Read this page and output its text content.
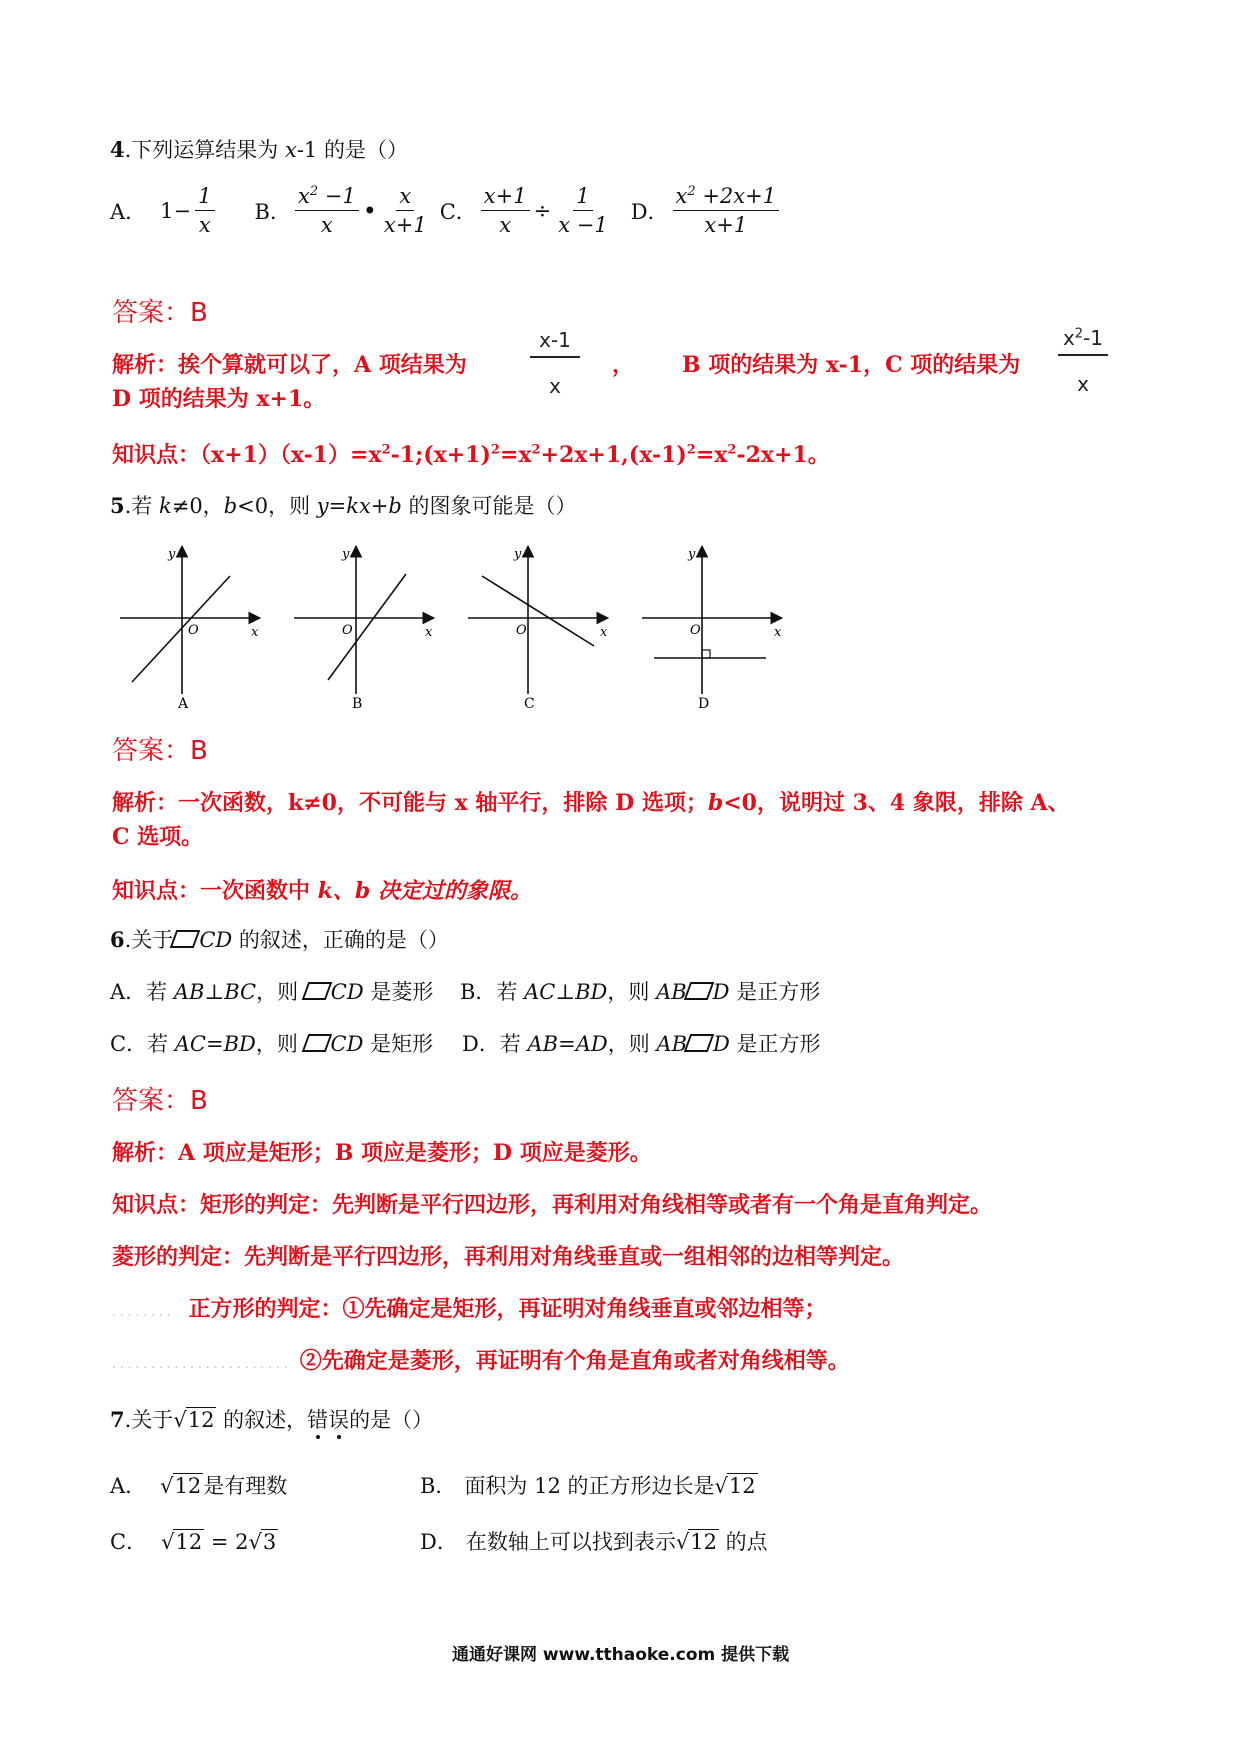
4.下列运算结果为 x-1 的是（）
A． $1 - \frac{1}{x}$ B． $\frac{x^2 -1}{x}$ • $\frac{x}{x+1}$ C． $\frac{x+1}{x} \div \frac{1}{x -1}$ D． $\frac{x^2 +2x+1}{x+1}$
答案：B
解析：挨个算就可以了，A 项结果为
x-1
x
， B 项的结果为 x-1，C 项的结果为
$x^2-1$
x
D 项的结果为 x+1。
知识点：$(x+1)(x-1)=x^2-1;(x+1)^2=x^2+2x+1,(x-1)^2=x^2-2x+1$。
5.若 k≠0，b<0，则 y=kx+b 的图象可能是（）
y
x
O
A
y
x
O
B
y
x
O
C
y
x
O
D
答案：B
解析：一次函数，k≠0，不可能与 x 轴平行，排除 D 选项；b<0，说明过 3、4 象限，排除 A、
C 选项。
知识点：一次函数中 k、b 决定过的象限。
6.关于 CD 的叙述，正确的是（）
A．若 AB⊥BC，则 CD 是菱形 B．若 AC⊥BD，则 AB D 是正方形
C．若 AC=BD，则 CD 是矩形 D．若 AB=AD，则 AB D 是正方形
答案：B
解析：A 项应是矩形；B 项应是菱形；D 项应是菱形。
知识点：矩形的判定：先判断是平行四边形，再利用对角线相等或者有一个角是直角判定。
菱形的判定：先判断是平行四边形，再利用对角线垂直或一组相邻的边相等判定。
........ 正方形的判定：①先确定是矩形，再证明对角线垂直或邻边相等；
....................... ②先确定是菱形，再证明有个角是直角或者对角线相等。
7.关于√12 的叙述，错误的是（）
A． √12是有理数	B． 面积为 12 的正方形边长是√12
C． √12 = 2√3	D． 在数轴上可以找到表示√12 的点
通通好课网 www.tthaoke.com 提供下载
